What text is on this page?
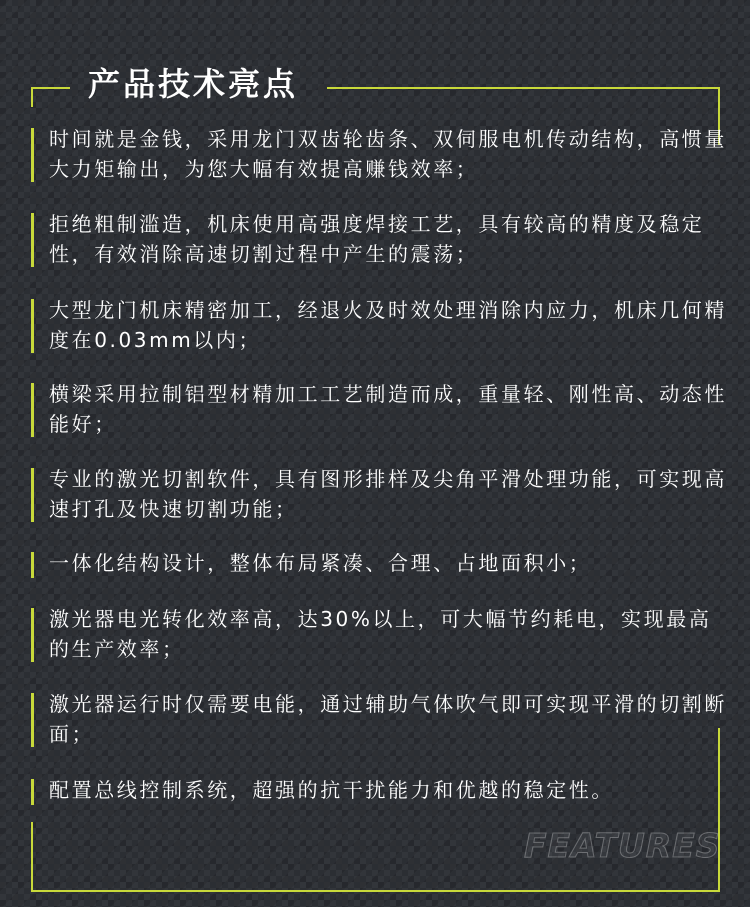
产品技术亮点

时间就是金钱，采用龙门双齿轮齿条、双伺服电机传动结构，高惯量大力矩输出，为您大幅有效提高赚钱效率；

拒绝粗制滥造，机床使用高强度焊接工艺，具有较高的精度及稳定性，有效消除高速切割过程中产生的震荡；

大型龙门机床精密加工，经退火及时效处理消除内应力，机床几何精度在0.03mm以内；

横梁采用拉制铝型材精加工工艺制造而成，重量轻、刚性高、动态性能好；

专业的激光切割软件，具有图形排样及尖角平滑处理功能，可实现高速打孔及快速切割功能；

一体化结构设计，整体布局紧凑、合理、占地面积小；

激光器电光转化效率高，达30%以上，可大幅节约耗电，实现最高的生产效率；

激光器运行时仅需要电能，通过辅助气体吹气即可实现平滑的切割断面；

配置总线控制系统，超强的抗干扰能力和优越的稳定性。

FEATURES
